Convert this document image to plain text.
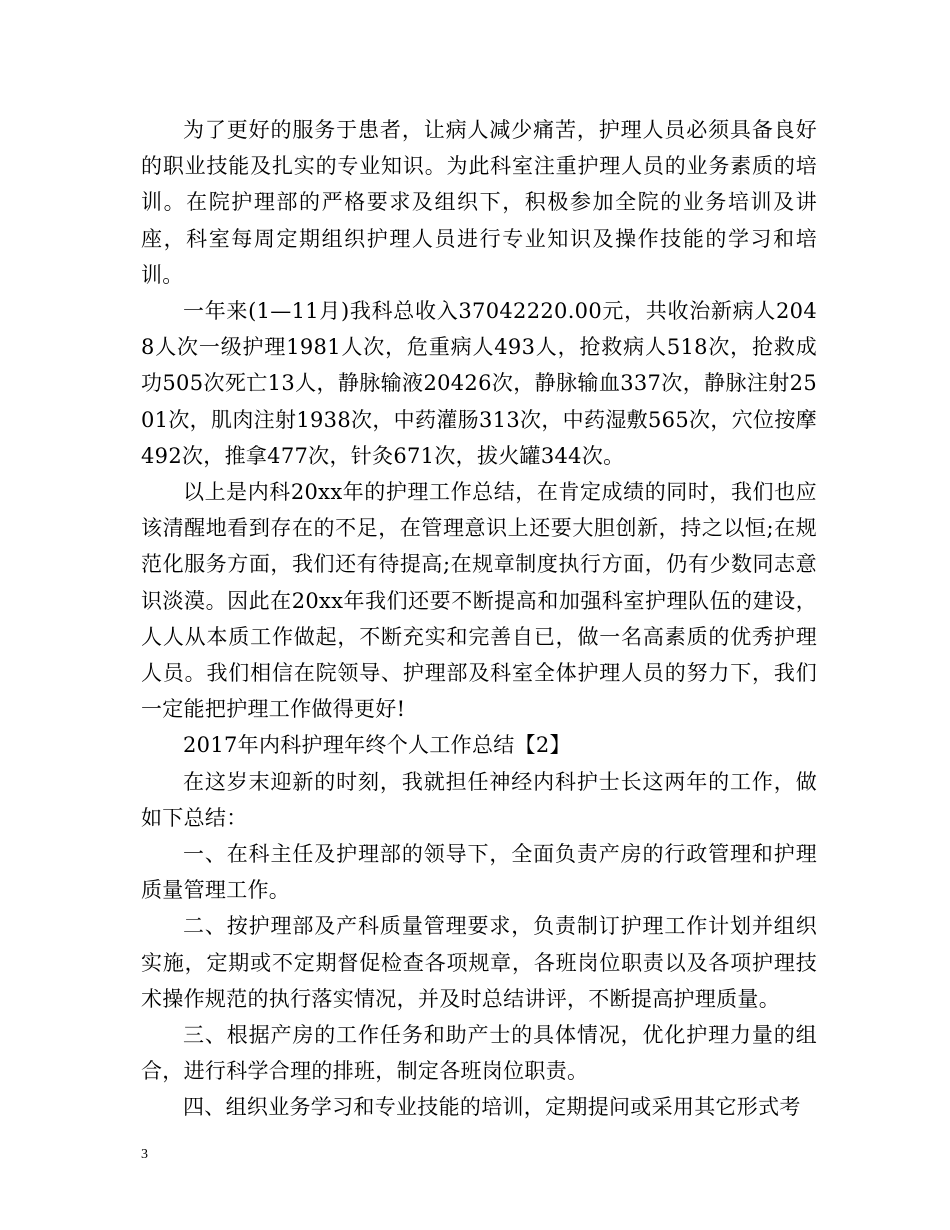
为了更好的服务于患者，让病人减少痛苦，护理人员必须具备良好的职业技能及扎实的专业知识。为此科室注重护理人员的业务素质的培训。在院护理部的严格要求及组织下，积极参加全院的业务培训及讲座，科室每周定期组织护理人员进行专业知识及操作技能的学习和培训。

一年来(1—11月)我科总收入37042220.00元，共收治新病人2048人次一级护理1981人次，危重病人493人，抢救病人518次，抢救成功505次死亡13人，静脉输液20426次，静脉输血337次，静脉注射2501次，肌肉注射1938次，中药灌肠313次，中药湿敷565次，穴位按摩492次，推拿477次，针灸671次，拔火罐344次。

以上是内科20xx年的护理工作总结，在肯定成绩的同时，我们也应该清醒地看到存在的不足，在管理意识上还要大胆创新，持之以恒;在规范化服务方面，我们还有待提高;在规章制度执行方面，仍有少数同志意识淡漠。因此在20xx年我们还要不断提高和加强科室护理队伍的建设，人人从本质工作做起，不断充实和完善自已，做一名高素质的优秀护理人员。我们相信在院领导、护理部及科室全体护理人员的努力下，我们一定能把护理工作做得更好!

2017年内科护理年终个人工作总结【2】

在这岁末迎新的时刻，我就担任神经内科护士长这两年的工作，做如下总结：

一、在科主任及护理部的领导下，全面负责产房的行政管理和护理质量管理工作。

二、按护理部及产科质量管理要求，负责制订护理工作计划并组织实施，定期或不定期督促检查各项规章，各班岗位职责以及各项护理技术操作规范的执行落实情况，并及时总结讲评，不断提高护理质量。

三、根据产房的工作任务和助产士的具体情况，优化护理力量的组合，进行科学合理的排班，制定各班岗位职责。

四、组织业务学习和专业技能的培训，定期提问或采用其它形式考

3
